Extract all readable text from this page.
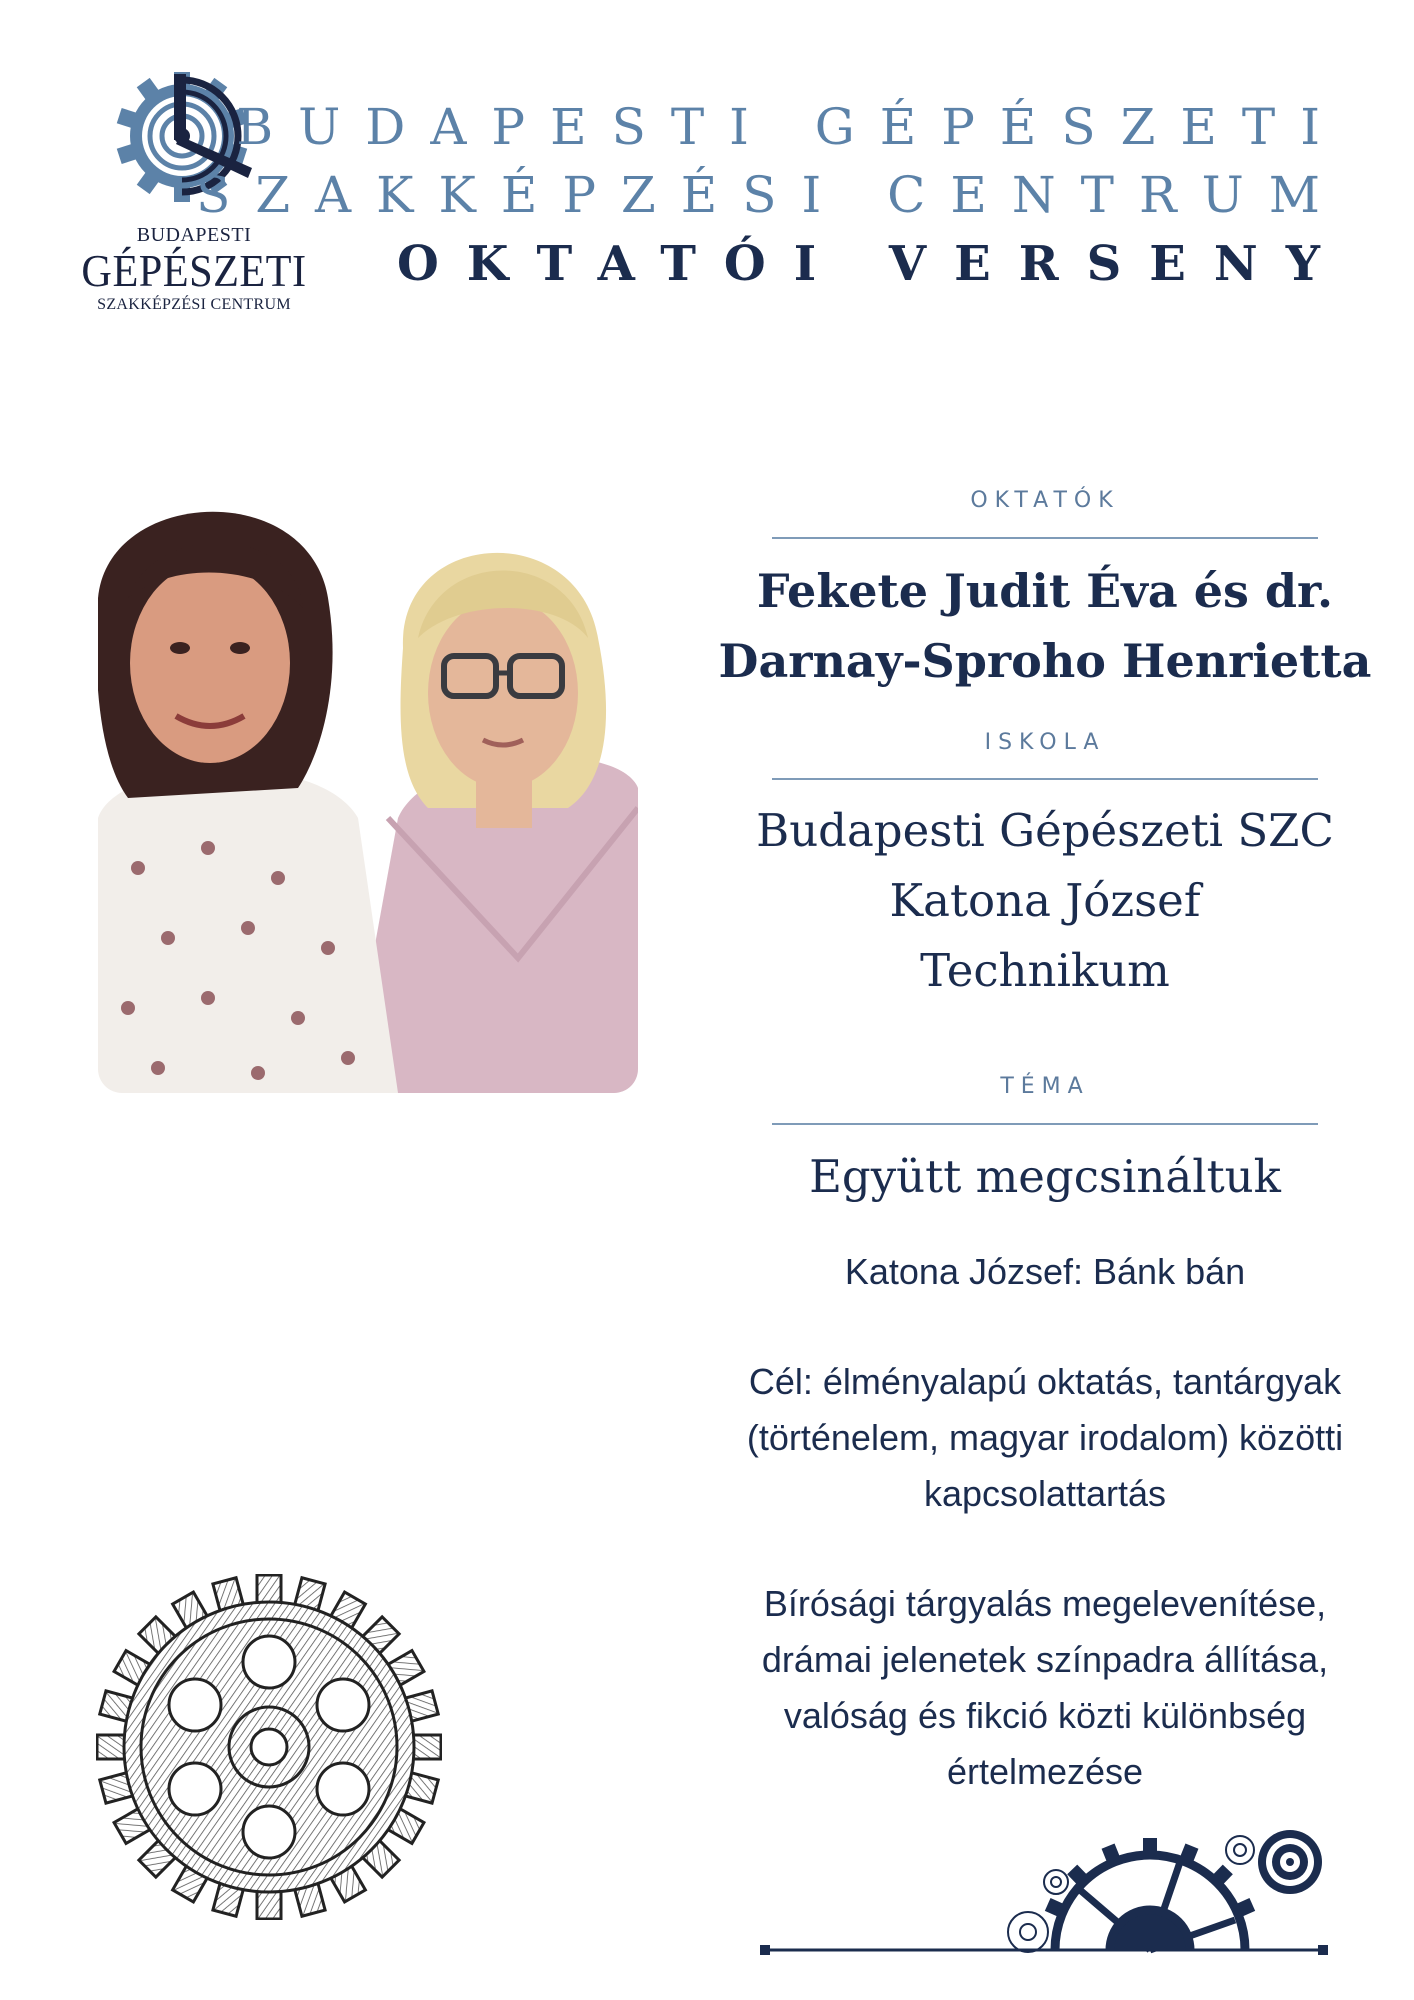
BUDAPESTI
GÉPÉSZETI
SZAKKÉPZÉSI CENTRUM
BUDAPESTI GÉPÉSZETI
SZAKKÉPZÉSI CENTRUM
OKTATÓI VERSENY
OKTATÓK
Fekete Judit Éva és dr.
Darnay-Sproho Henrietta
ISKOLA
Budapesti Gépészeti SZC
Katona József
Technikum
TÉMA
Együtt megcsináltuk
Katona József: Bánk bán
Cél: élményalapú oktatás, tantárgyak
(történelem, magyar irodalom) közötti
kapcsolattartás
Bírósági tárgyalás megelevenítése,
drámai jelenetek színpadra állítása,
valóság és fikció közti különbség
értelmezése
